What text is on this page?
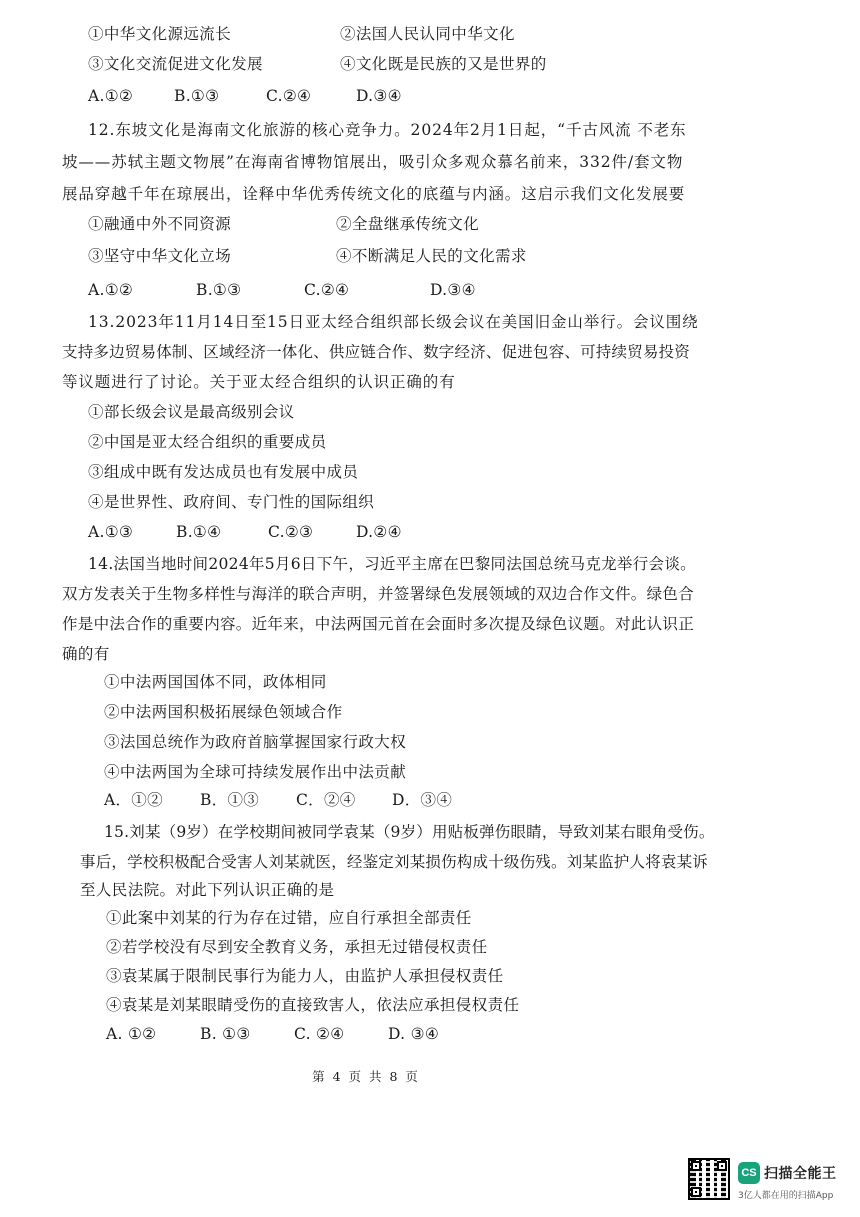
①中华文化源远流长	②法国人民认同中华文化
③文化交流促进文化发展	④文化既是民族的又是世界的
A.①②	B.①③	C.②④	D.③④
12.东坡文化是海南文化旅游的核心竞争力。2024年2月1日起，“千古风流 不老东
坡——苏轼主题文物展”在海南省博物馆展出，吸引众多观众慕名前来，332件/套文物
展品穿越千年在琼展出，诠释中华优秀传统文化的底蕴与内涵。这启示我们文化发展要
①融通中外不同资源	②全盘继承传统文化
③坚守中华文化立场	④不断满足人民的文化需求
A.①②	B.①③	C.②④	D.③④
13.2023年11月14日至15日亚太经合组织部长级会议在美国旧金山举行。会议围绕
支持多边贸易体制、区域经济一体化、供应链合作、数字经济、促进包容、可持续贸易投资
等议题进行了讨论。关于亚太经合组织的认识正确的有
①部长级会议是最高级别会议
②中国是亚太经合组织的重要成员
③组成中既有发达成员也有发展中成员
④是世界性、政府间、专门性的国际组织
A.①③	B.①④	C.②③	D.②④
14.法国当地时间2024年5月6日下午，习近平主席在巴黎同法国总统马克龙举行会谈。
双方发表关于生物多样性与海洋的联合声明，并签署绿色发展领域的双边合作文件。绿色合
作是中法合作的重要内容。近年来，中法两国元首在会面时多次提及绿色议题。对此认识正
确的有
①中法两国国体不同，政体相同
②中法两国积极拓展绿色领域合作
③法国总统作为政府首脑掌握国家行政大权
④中法两国为全球可持续发展作出中法贡献
A．①② B．①③ C．②④ D．③④
15.刘某（9岁）在学校期间被同学袁某（9岁）用贴板弹伤眼睛，导致刘某右眼角受伤。
事后，学校积极配合受害人刘某就医，经鉴定刘某损伤构成十级伤残。刘某监护人将袁某诉
至人民法院。对此下列认识正确的是
①此案中刘某的行为存在过错，应自行承担全部责任
②若学校没有尽到安全教育义务，承担无过错侵权责任
③袁某属于限制民事行为能力人，由监护人承担侵权责任
④袁某是刘某眼睛受伤的直接致害人，依法应承担侵权责任
A. ①②	B. ①③	C. ②④	D. ③④
第 4 页 共 8 页
CS 扫描全能王
3亿人都在用的扫描App
